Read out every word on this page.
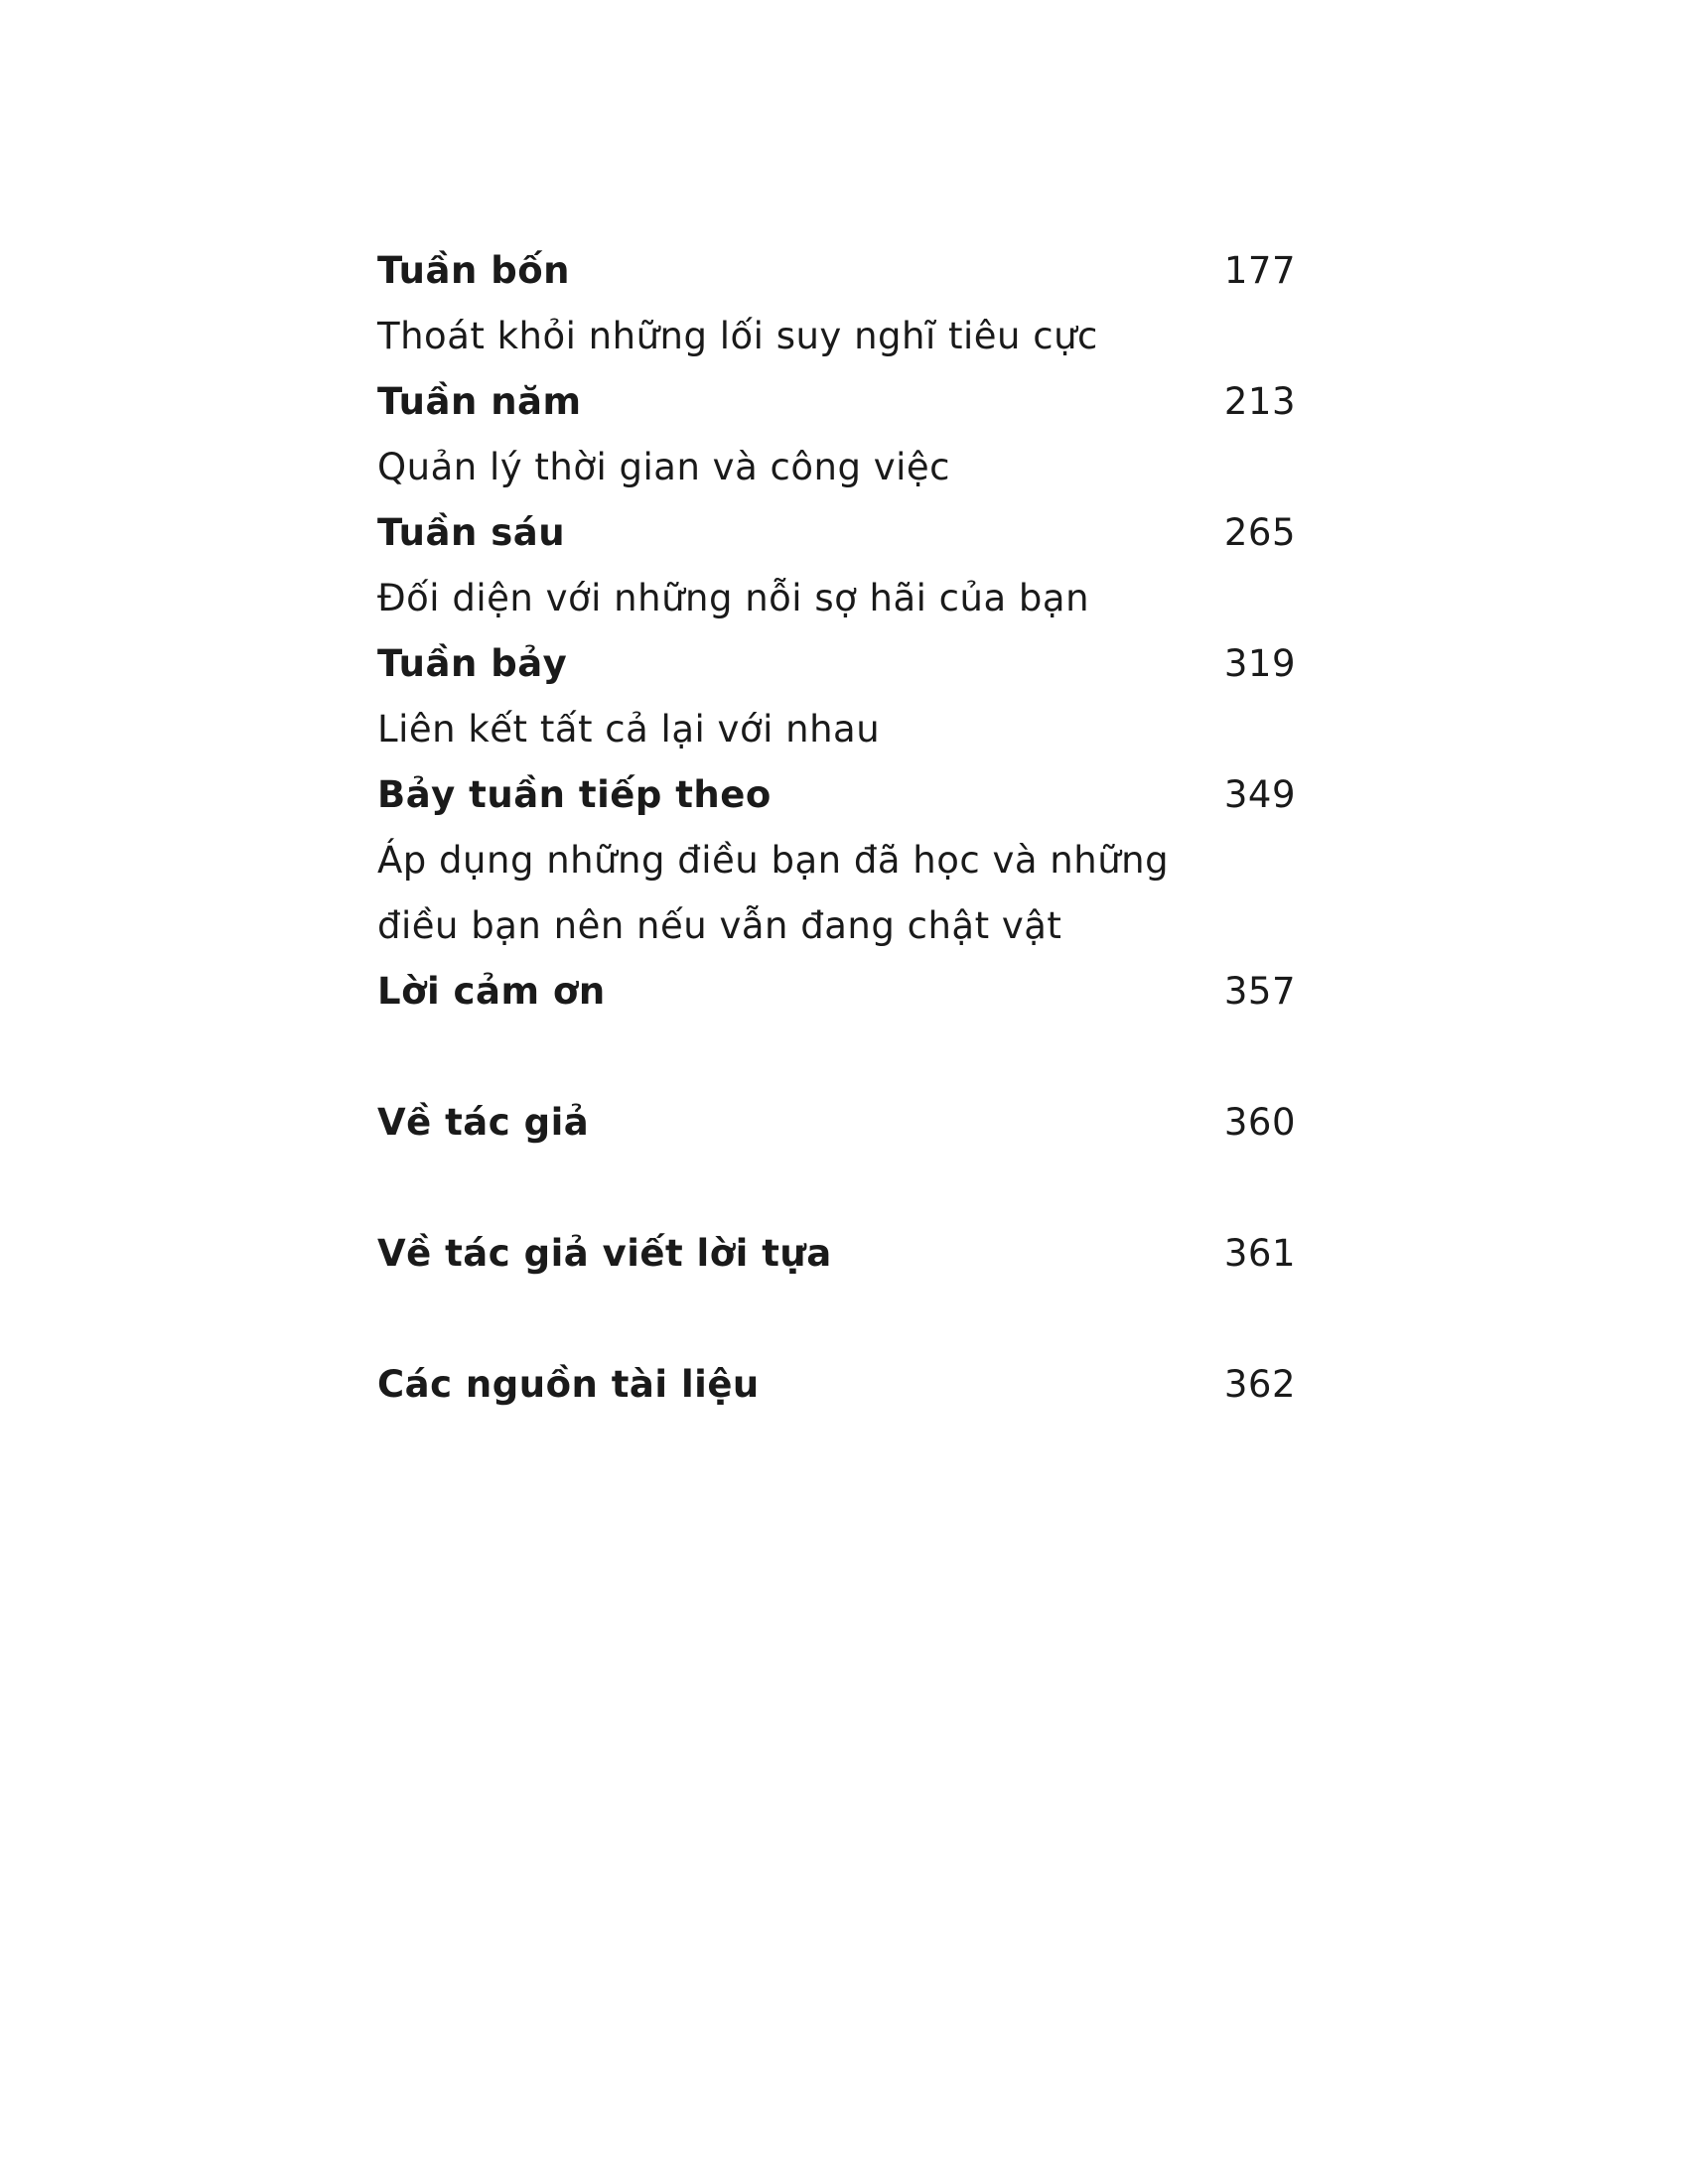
Tuần bốn	177
Thoát khỏi những lối suy nghĩ tiêu cực
Tuần năm	213
Quản lý thời gian và công việc
Tuần sáu	265
Đối diện với những nỗi sợ hãi của bạn
Tuần bảy	319
Liên kết tất cả lại với nhau
Bảy tuần tiếp theo	349
Áp dụng những điều bạn đã học và những
điều bạn nên nếu vẫn đang chật vật
Lời cảm ơn	357
Về tác giả	360
Về tác giả viết lời tựa	361
Các nguồn tài liệu	362
